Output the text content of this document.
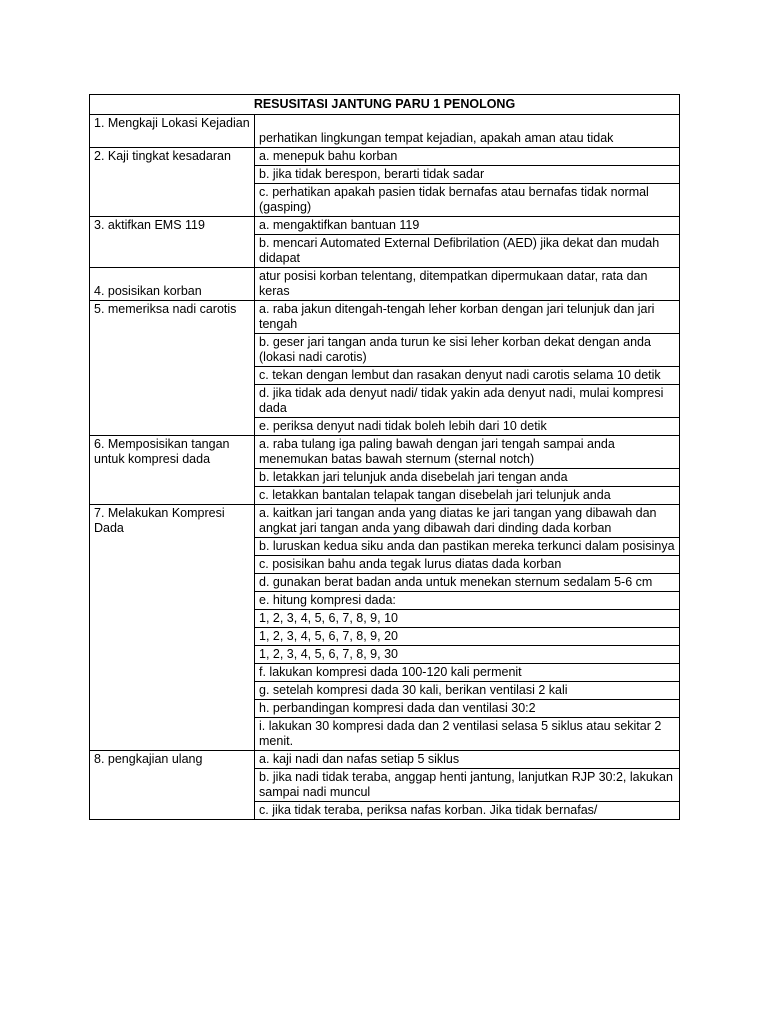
RESUSITASI JANTUNG PARU 1 PENOLONG	
1. Mengkaji Lokasi Kejadian	perhatikan lingkungan tempat kejadian, apakah aman atau tidak
2. Kaji tingkat kesadaran	a. menepuk bahu korban
	b. jika tidak berespon, berarti tidak sadar
	c. perhatikan apakah pasien tidak bernafas atau bernafas tidak normal (gasping)
3. aktifkan EMS 119	a. mengaktifkan bantuan 119
	b. mencari Automated External Defibrilation (AED) jika dekat dan mudah didapat
4. posisikan korban	atur posisi korban telentang, ditempatkan dipermukaan datar, rata dan keras
5. memeriksa nadi carotis	a. raba jakun ditengah-tengah leher korban dengan jari telunjuk dan jari tengah
	b. geser jari tangan anda turun ke sisi leher korban dekat dengan anda (lokasi nadi carotis)
	c. tekan dengan lembut dan rasakan denyut nadi carotis selama 10 detik
	d. jika tidak ada denyut nadi/ tidak yakin ada denyut nadi, mulai kompresi dada
	e. periksa denyut nadi tidak boleh lebih dari 10 detik
6. Memposisikan tangan untuk kompresi dada	a. raba tulang iga paling bawah dengan jari tengah sampai anda menemukan batas bawah sternum (sternal notch)
	b. letakkan jari telunjuk anda disebelah jari tengan anda
	c. letakkan bantalan telapak tangan disebelah jari telunjuk anda
7. Melakukan Kompresi Dada	a. kaitkan jari tangan anda yang diatas ke jari tangan yang dibawah dan angkat jari tangan anda yang dibawah dari dinding dada korban
	b. luruskan kedua siku anda dan pastikan mereka terkunci dalam posisinya
	c. posisikan bahu anda tegak lurus diatas dada korban
	d. gunakan berat badan anda untuk menekan sternum sedalam 5-6 cm
	e. hitung kompresi dada:
	1, 2, 3, 4, 5, 6, 7, 8, 9, 10
	1, 2, 3, 4, 5, 6, 7, 8, 9, 20
	1, 2, 3, 4, 5, 6, 7, 8, 9, 30
	f. lakukan kompresi dada 100-120 kali permenit
	g. setelah kompresi dada 30 kali, berikan ventilasi 2 kali
	h. perbandingan kompresi dada dan ventilasi 30:2
	i. lakukan 30 kompresi dada dan 2 ventilasi selasa 5 siklus atau sekitar 2 menit.
8. pengkajian ulang	a. kaji nadi dan nafas setiap 5 siklus
	b. jika nadi tidak teraba, anggap henti jantung, lanjutkan RJP 30:2, lakukan sampai nadi muncul
	c. jika tidak teraba, periksa nafas korban. Jika tidak bernafas/
